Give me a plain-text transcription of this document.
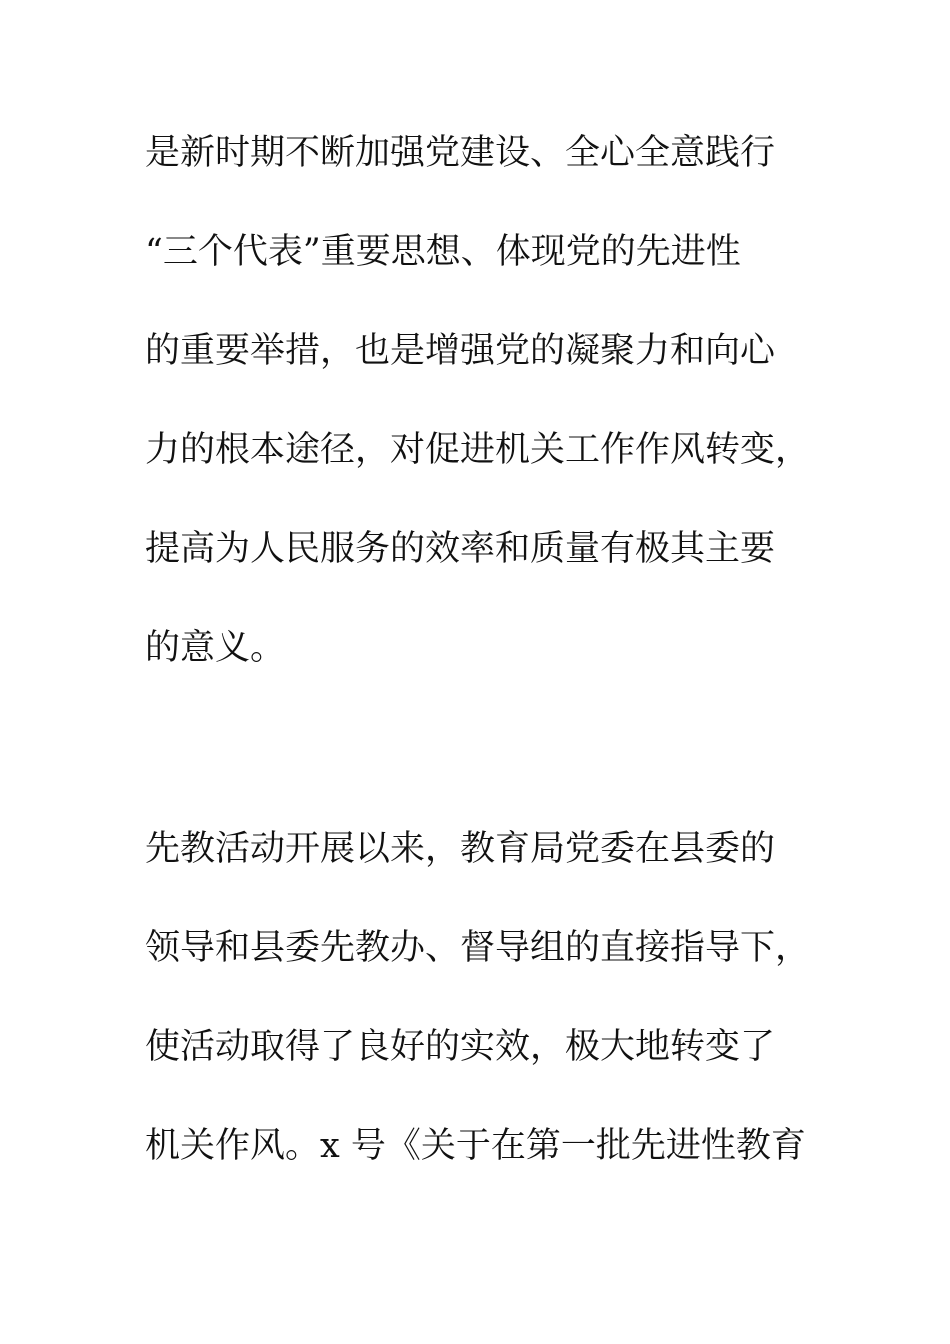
是新时期不断加强党建设、全心全意践行
“三个代表”重要思想、体现党的先进性
的重要举措，也是增强党的凝聚力和向心
力的根本途径，对促进机关工作作风转变，
提高为人民服务的效率和质量有极其主要
的意义。
先教活动开展以来，教育局党委在县委的
领导和县委先教办、督导组的直接指导下，
使活动取得了良好的实效，极大地转变了
机关作风。x 号《关于在第一批先进性教育
